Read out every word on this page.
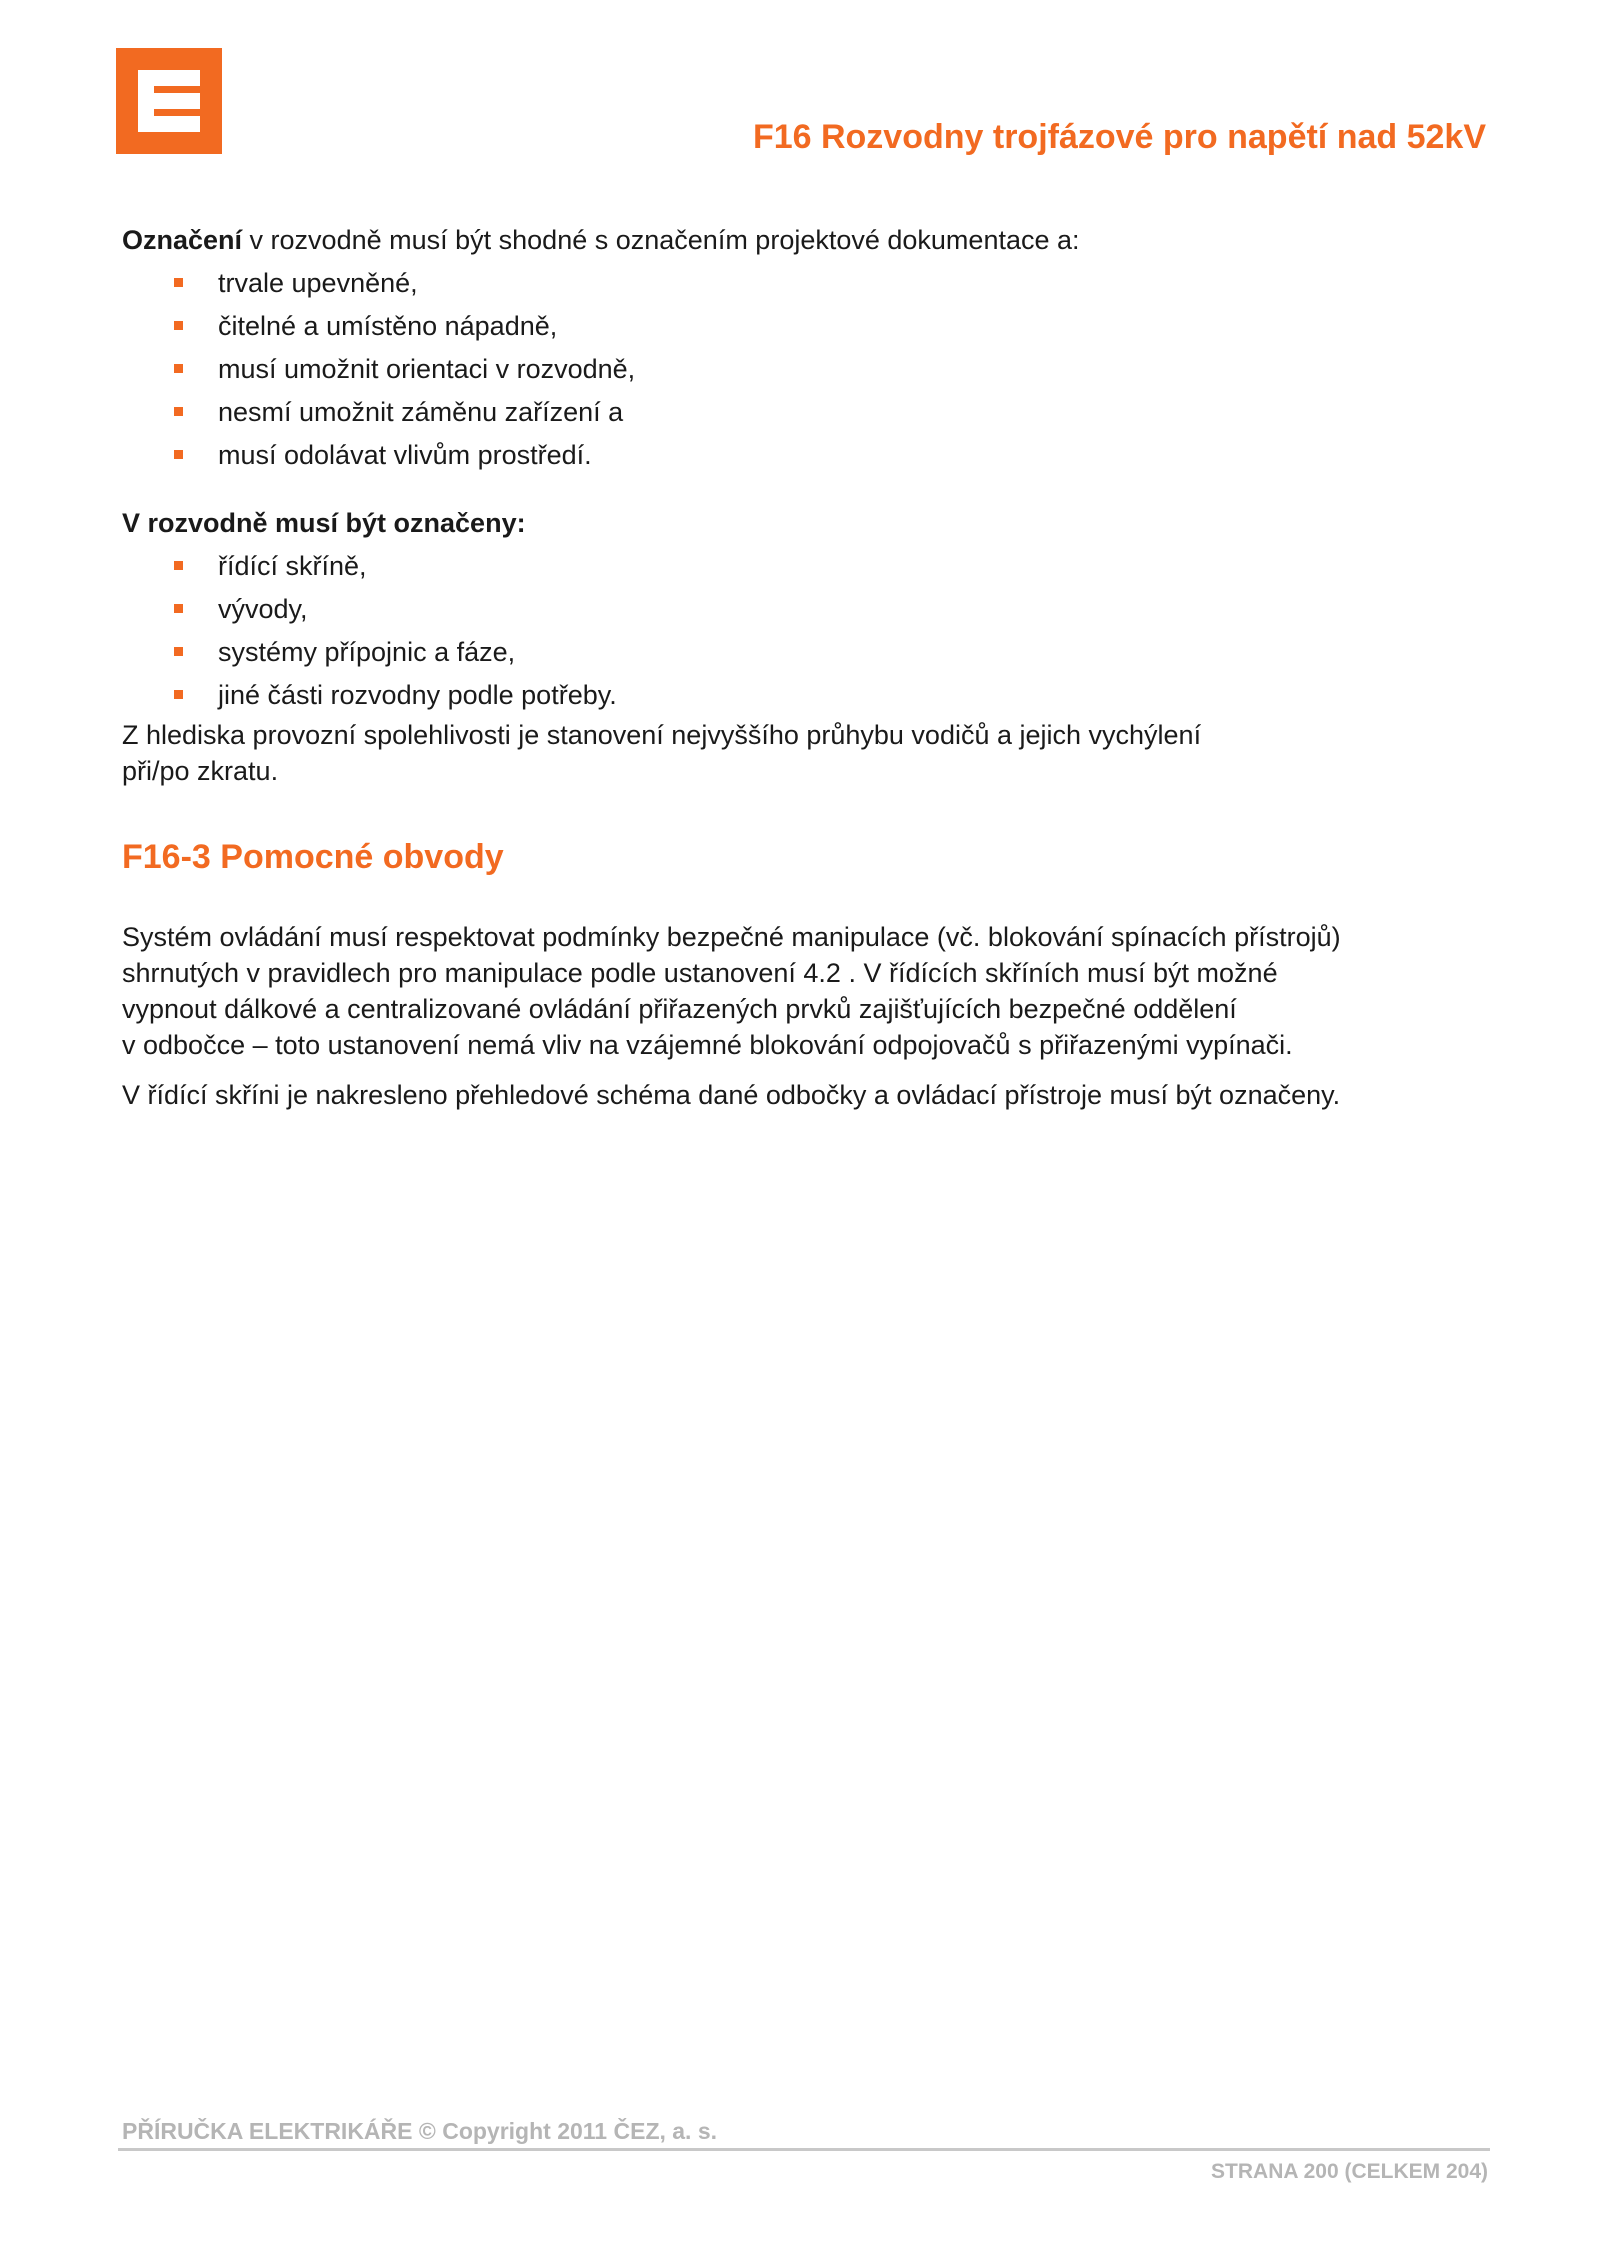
F16 Rozvodny trojfázové pro napětí nad 52kV

Označení v rozvodně musí být shodné s označením projektové dokumentace a:

trvale upevněné,
čitelné a umístěno nápadně,
musí umožnit orientaci v rozvodně,
nesmí umožnit záměnu zařízení a
musí odolávat vlivům prostředí.

V rozvodně musí být označeny:

řídící skříně,
vývody,
systémy přípojnic a fáze,
jiné části rozvodny podle potřeby.

Z hlediska provozní spolehlivosti je stanovení nejvyššího průhybu vodičů a jejich vychýlení
při/po zkratu.

F16-3 Pomocné obvody

Systém ovládání musí respektovat podmínky bezpečné manipulace (vč. blokování spínacích přístrojů)
shrnutých v pravidlech pro manipulace podle ustanovení 4.2 . V řídících skříních musí být možné
vypnout dálkové a centralizované ovládání přiřazených prvků zajišťujících bezpečné oddělení
v odbočce – toto ustanovení nemá vliv na vzájemné blokování odpojovačů s přiřazenými vypínači.

V řídící skříni je nakresleno přehledové schéma dané odbočky a ovládací přístroje musí být označeny.

PŘÍRUČKA ELEKTRIKÁŘE © Copyright 2011 ČEZ, a. s.
STRANA 200 (CELKEM 204)
